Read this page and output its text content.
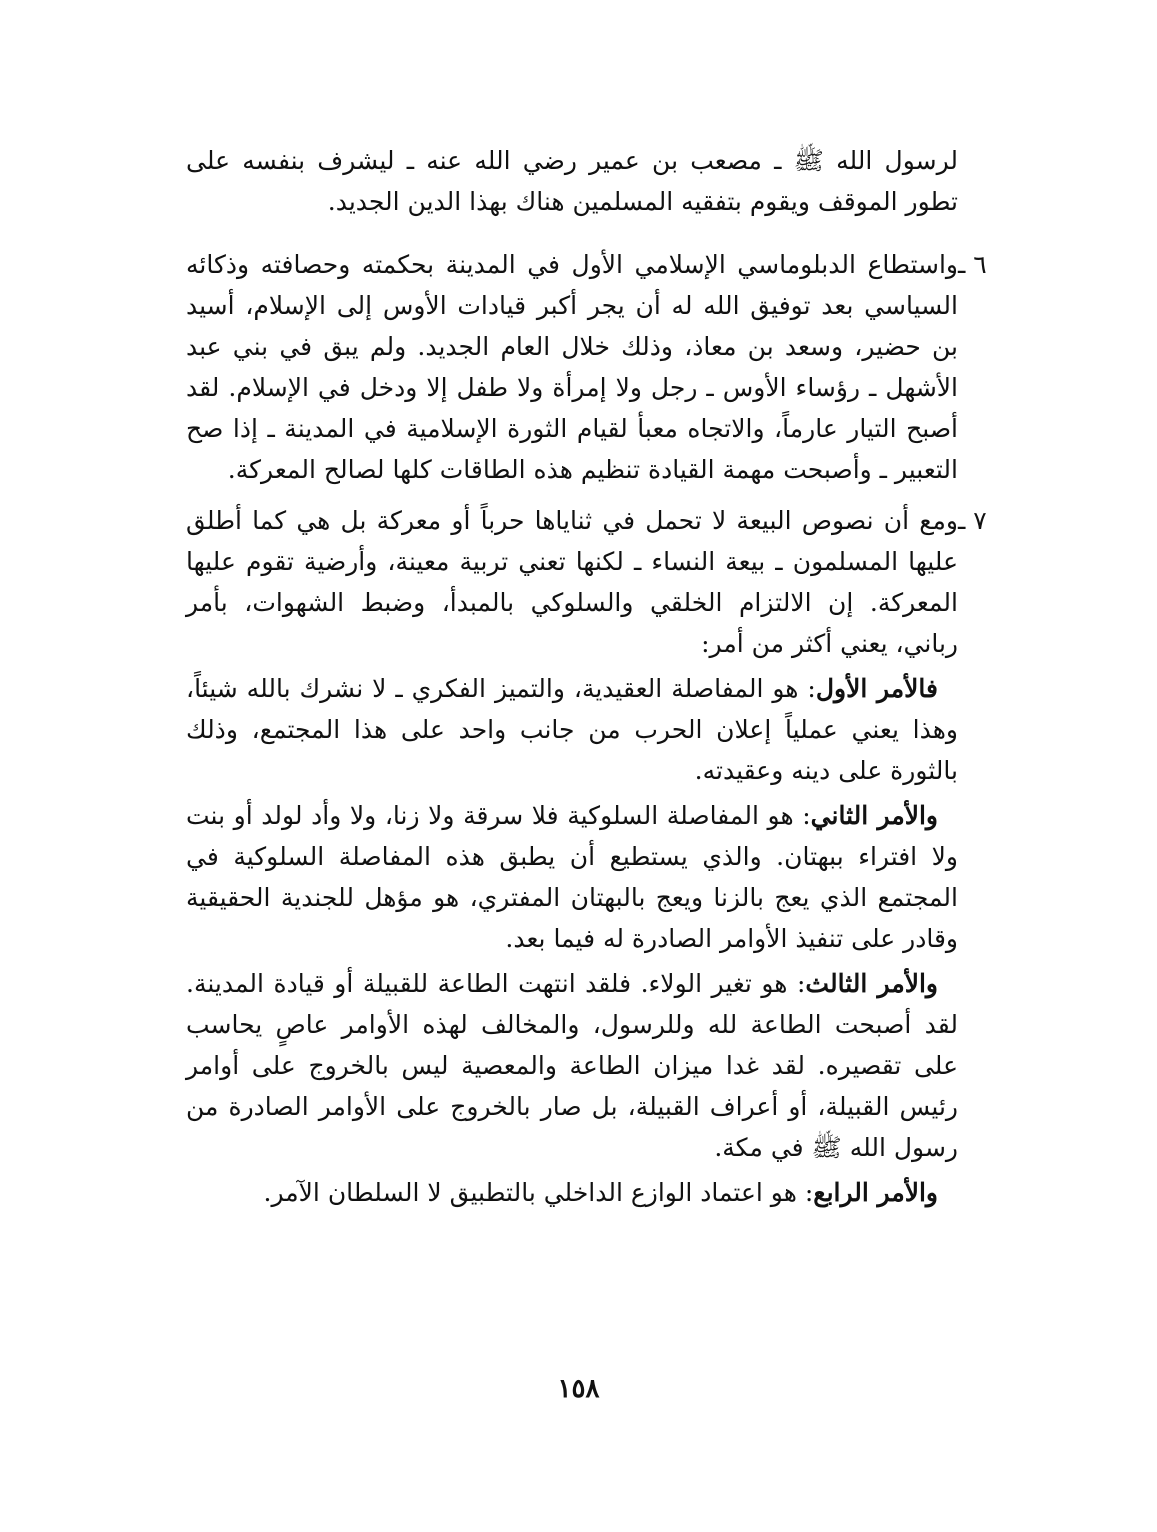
لرسول الله ﷺ ـ مصعب بن عمير رضي الله عنه ـ ليشرف بنفسه على تطور الموقف ويقوم بتفقيه المسلمين هناك بهذا الدين الجديد.

٦ ـ

واستطاع الدبلوماسي الإسلامي الأول في المدينة بحكمته وحصافته وذكائه السياسي بعد توفيق الله له أن يجر أكبر قيادات الأوس إلى الإسلام، أسيد بن حضير، وسعد بن معاذ، وذلك خلال العام الجديد. ولم يبق في بني عبد الأشهل ـ رؤساء الأوس ـ رجل ولا إمرأة ولا طفل إلا ودخل في الإسلام. لقد أصبح التيار عارماً، والاتجاه معبأ لقيام الثورة الإسلامية في المدينة ـ إذا صح التعبير ـ وأصبحت مهمة القيادة تنظيم هذه الطاقات كلها لصالح المعركة.

٧ ـ

ومع أن نصوص البيعة لا تحمل في ثناياها حرباً أو معركة بل هي كما أطلق عليها المسلمون ـ بيعة النساء ـ لكنها تعني تربية معينة، وأرضية تقوم عليها المعركة. إن الالتزام الخلقي والسلوكي بالمبدأ، وضبط الشهوات، بأمر رباني، يعني أكثر من أمر:

فالأمر الأول: هو المفاصلة العقيدية، والتميز الفكري ـ لا نشرك بالله شيئاً، وهذا يعني عملياً إعلان الحرب من جانب واحد على هذا المجتمع، وذلك بالثورة على دينه وعقيدته.

والأمر الثاني: هو المفاصلة السلوكية فلا سرقة ولا زنا، ولا وأد لولد أو بنت ولا افتراء ببهتان. والذي يستطيع أن يطبق هذه المفاصلة السلوكية في المجتمع الذي يعج بالزنا ويعج بالبهتان المفتري، هو مؤهل للجندية الحقيقية وقادر على تنفيذ الأوامر الصادرة له فيما بعد.

والأمر الثالث: هو تغير الولاء. فلقد انتهت الطاعة للقبيلة أو قيادة المدينة. لقد أصبحت الطاعة لله وللرسول، والمخالف لهذه الأوامر عاصٍ يحاسب على تقصيره. لقد غدا ميزان الطاعة والمعصية ليس بالخروج على أوامر رئيس القبيلة، أو أعراف القبيلة، بل صار بالخروج على الأوامر الصادرة من رسول الله ﷺ في مكة.

والأمر الرابع: هو اعتماد الوازع الداخلي بالتطبيق لا السلطان الآمر.

١٥٨
